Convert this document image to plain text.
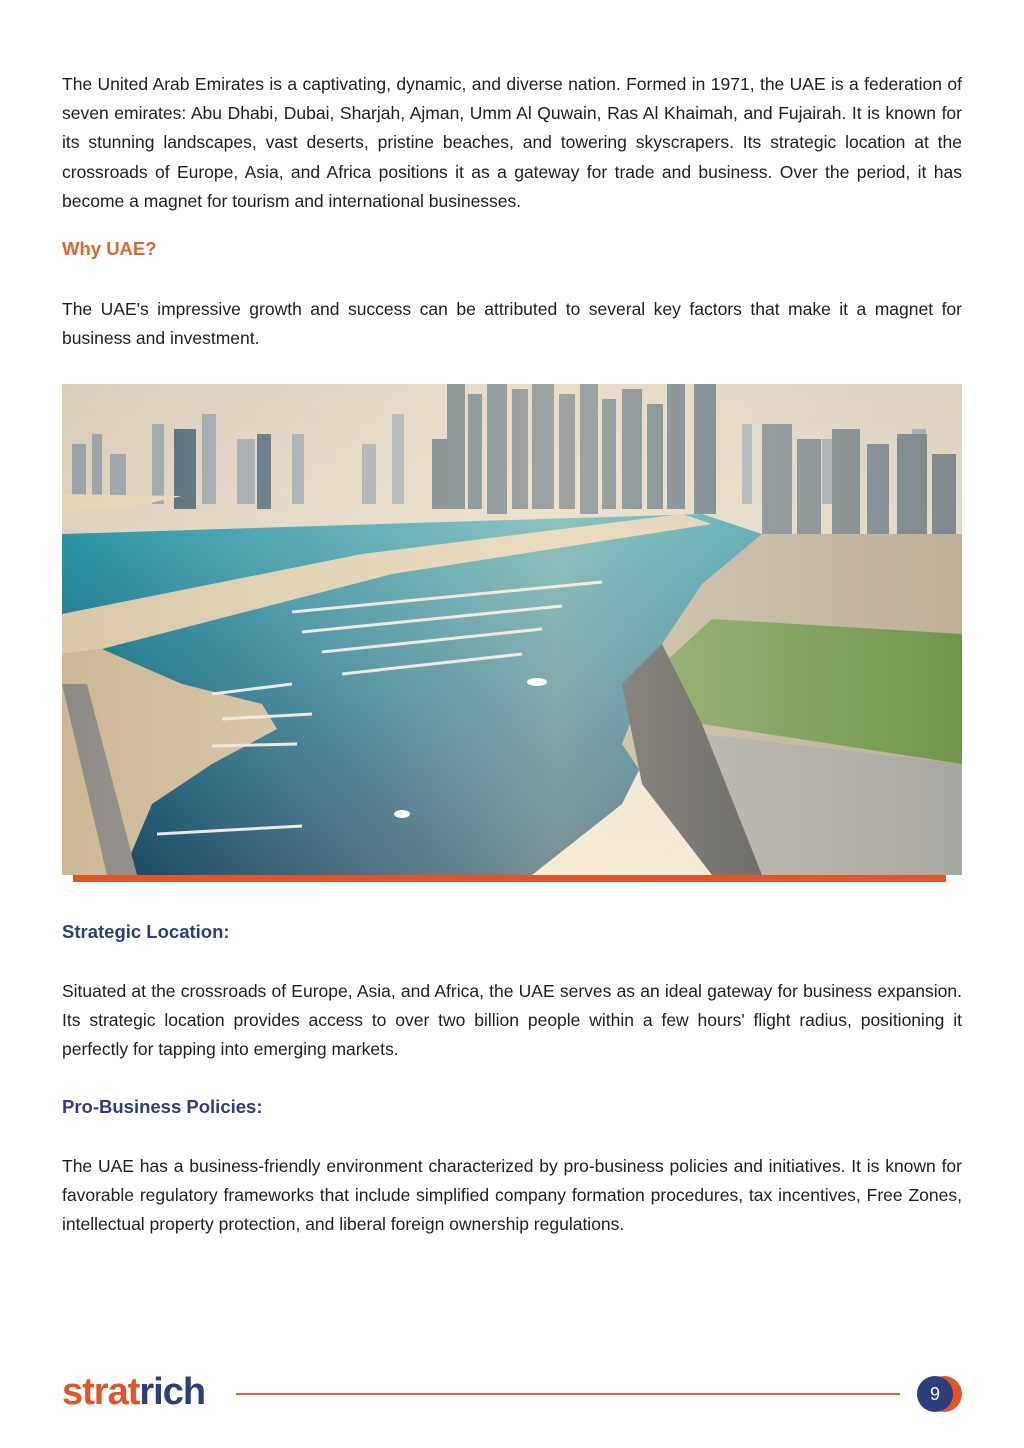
The United Arab Emirates is a captivating, dynamic, and diverse nation. Formed in 1971, the UAE is a federation of seven emirates: Abu Dhabi, Dubai, Sharjah, Ajman, Umm Al Quwain, Ras Al Khaimah, and Fujairah. It is known for its stunning landscapes, vast deserts, pristine beaches, and towering skyscrapers. Its strategic location at the crossroads of Europe, Asia, and Africa positions it as a gateway for trade and business. Over the period, it has become a magnet for tourism and international businesses.

Why UAE?

The UAE's impressive growth and success can be attributed to several key factors that make it a magnet for business and investment.

Strategic Location:

Situated at the crossroads of Europe, Asia, and Africa, the UAE serves as an ideal gateway for business expansion. Its strategic location provides access to over two billion people within a few hours' flight radius, positioning it perfectly for tapping into emerging markets.

Pro-Business Policies:

The UAE has a business-friendly environment characterized by pro-business policies and initiatives. It is known for favorable regulatory frameworks that include simplified company formation procedures, tax incentives, Free Zones, intellectual property protection, and liberal foreign ownership regulations.

stratrich	9
